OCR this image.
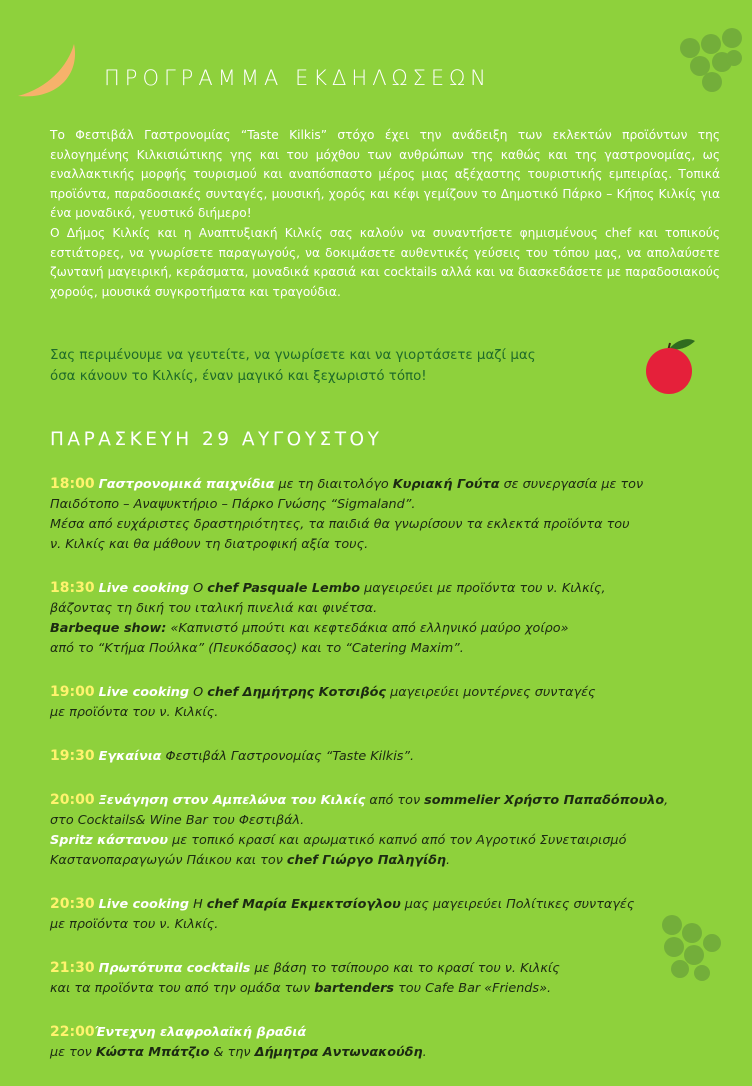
ΠΡΟΓΡΑΜΜΑ ΕΚΔΗΛΩΣΕΩΝ

Το Φεστιβάλ Γαστρονομίας “Taste Kilkis” στόχο έχει την ανάδειξη των εκλεκτών προϊόντων της ευλογημένης Κιλκισιώτικης γης και του μόχθου των ανθρώπων της καθώς και της γαστρονομίας, ως εναλλακτικής μορφής τουρισμού και αναπόσπαστο μέρος μιας αξέχαστης τουριστικής εμπειρίας. Τοπικά προϊόντα, παραδοσιακές συνταγές, μουσική, χορός και κέφι γεμίζουν το Δημοτικό Πάρκο – Κήπος Κιλκίς για ένα μοναδικό, γευστικό διήμερο!

Ο Δήμος Κιλκίς και η Αναπτυξιακή Κιλκίς σας καλούν να συναντήσετε φημισμένους chef και τοπικούς εστιάτορες, να γνωρίσετε παραγωγούς, να δοκιμάσετε αυθεντικές γεύσεις του τόπου μας, να απολαύσετε ζωντανή μαγειρική, κεράσματα, μοναδικά κρασιά και cocktails αλλά και να διασκεδάσετε με παραδοσιακούς χορούς, μουσικά συγκροτήματα και τραγούδια.

Σας περιμένουμε να γευτείτε, να γνωρίσετε και να γιορτάσετε μαζί μας

όσα κάνουν το Κιλκίς, έναν μαγικό και ξεχωριστό τόπο!

ΠΑΡΑΣΚΕΥΗ 29 ΑΥΓΟΥΣΤΟΥ
18:00 Γαστρονομικά παιχνίδια με τη διαιτολόγο Κυριακή Γούτα σε συνεργασία με τον
Παιδότοπο – Αναψυκτήριο – Πάρκο Γνώσης “Sigmaland”.
Μέσα από ευχάριστες δραστηριότητες, τα παιδιά θα γνωρίσουν τα εκλεκτά προϊόντα του
ν. Κιλκίς και θα μάθουν τη διατροφική αξία τους.
18:30 Live cooking Ο chef Pasquale Lembo μαγειρεύει με προϊόντα του ν. Κιλκίς,
βάζοντας τη δική του ιταλική πινελιά και φινέτσα.
Barbeque show: «Καπνιστό μπούτι και κεφτεδάκια από ελληνικό μαύρο χοίρο»
από το “Κτήμα Πούλκα” (Πευκόδασος) και το “Catering Maxim”.
19:00 Live cooking Ο chef Δημήτρης Κοτσιβός μαγειρεύει μοντέρνες συνταγές
με προϊόντα του ν. Κιλκίς.
19:30 Εγκαίνια Φεστιβάλ Γαστρονομίας “Taste Kilkis”.
20:00 Ξενάγηση στον Αμπελώνα του Κιλκίς από τον sommelier Χρήστο Παπαδόπουλο,
στο Cocktails& Wine Bar του Φεστιβάλ.
Spritz κάστανου με τοπικό κρασί και αρωματικό καπνό από τον Αγροτικό Συνεταιρισμό
Καστανοπαραγωγών Πάικου και τον chef Γιώργο Παληγίδη.
20:30 Live cooking Η chef Μαρία Εκμεκτσίογλου μας μαγειρεύει Πολίτικες συνταγές
με προϊόντα του ν. Κιλκίς.
21:30 Πρωτότυπα cocktails με βάση το τσίπουρο και το κρασί του ν. Κιλκίς
και τα προϊόντα του από την ομάδα των bartenders του Cafe Bar «Friends».
22:00Έντεχνη ελαφρολαϊκή βραδιά
με τον Κώστα Μπάτζιο & την Δήμητρα Αντωνακούδη.
